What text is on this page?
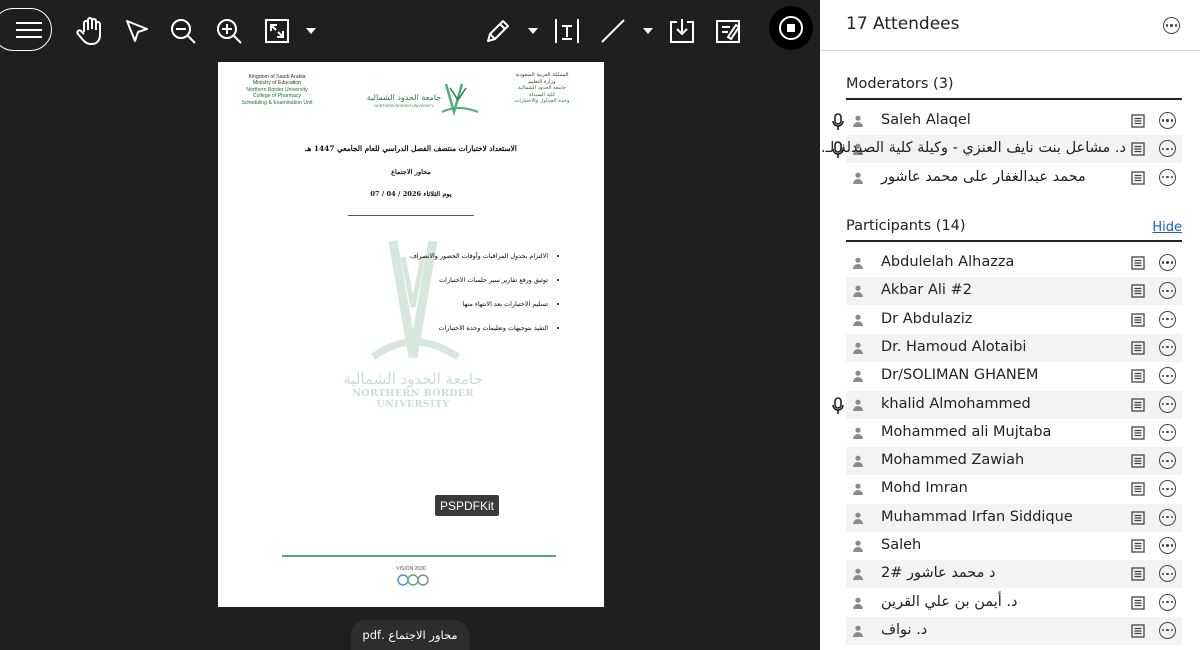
Kingdom of Saudi Arabia
Ministry of Education
Northern Border University
College of Pharmacy
Scheduling & Examination Unit
جامعة الحدود الشمالية
NORTHERN BORDER UNIVERSITY
المملكة العربية السعودية
وزارة التعليم
جامعة الحدود الشمالية
كلية الصيدلة
وحدة الجداول والاختبارات
الاستعداد لاختبارات منتصف الفصل الدراسي للعام الجامعي 1447 هـ
محاور الاجتماع
يوم الثلاثاء 2026 / 04 / 07
جامعة الحدود الشمالية
NORTHERN BORDER UNIVERSITY
• الالتزام بجدول المراقبات وأوقات الحضور والانصراف
• توثيق ورفع تقارير سير جلسات الاختبارات
• تسليم الاختبارات بعد الانتهاء منها
• التقيد بتوجيهات وتعليمات وحدة الاختبارات
VISION 2030
PSPDFKit
محاور الاجتماع .pdf
17 Attendees
Moderators (3)
Saleh Alaqel
د. مشاعل بنت نايف العنزي - وكيلة كلية الصيدلة لـ...
محمد عبدالغفار على محمد عاشور
Participants (14)	Hide
Abdulelah Alhazza
Akbar Ali #2
Dr Abdulaziz
Dr. Hamoud Alotaibi
Dr/SOLIMAN GHANEM
khalid Almohammed
Mohammed ali Mujtaba
Mohammed Zawiah
Mohd Imran
Muhammad Irfan Siddique
Saleh
د محمد عاشور #2
د. أيمن بن علي القرين
د. نواف
